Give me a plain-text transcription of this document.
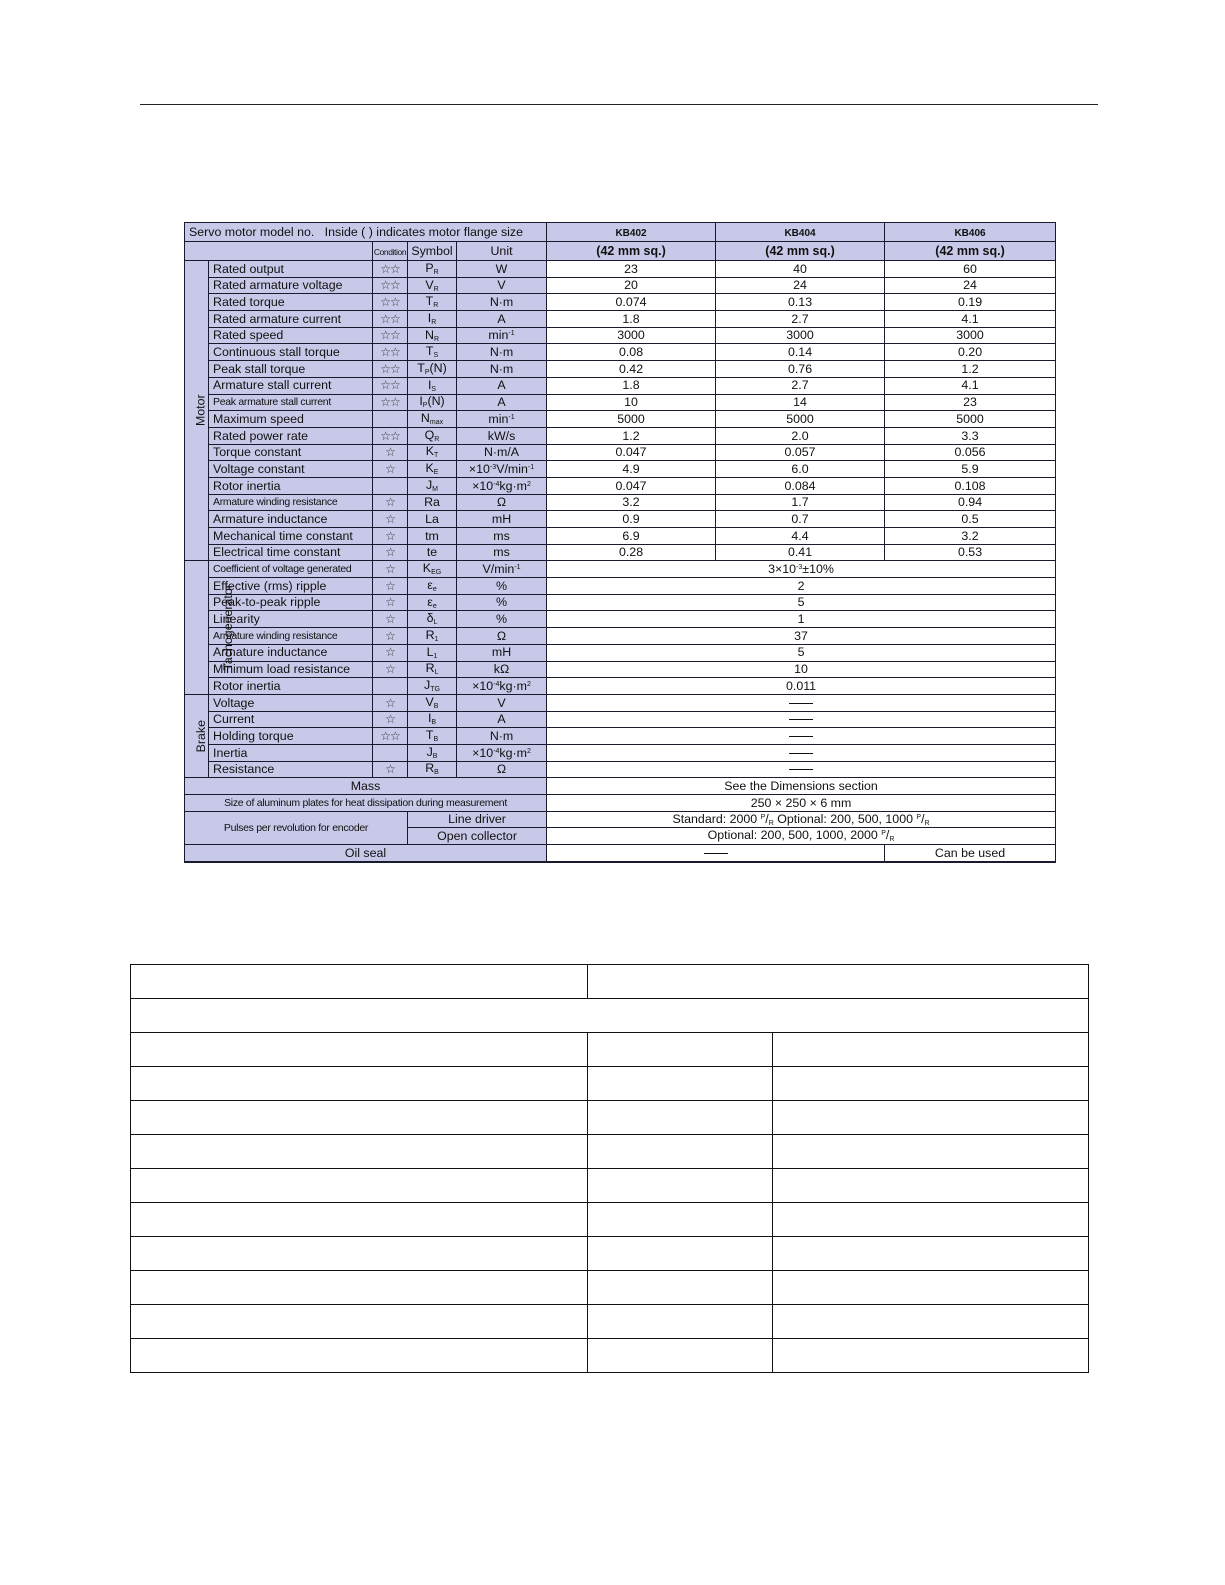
Servo motor model no.   Inside ( ) indicates motor flange size					KB402	KB404	KB406
		Condition	Symbol	Unit	(42 mm sq.)	(42 mm sq.)	(42 mm sq.)
Motor	Rated output	☆☆	$P_R$	W	23	40	60
	Rated armature voltage	☆☆	$V_R$	V	20	24	24
	Rated torque	☆☆	$T_R$	N·m	0.074	0.13	0.19
	Rated armature current	☆☆	$I_R$	A	1.8	2.7	4.1
	Rated speed	☆☆	$N_R$	$\min^{-1}$	3000	3000	3000
	Continuous stall torque	☆☆	$T_S$	N·m	0.08	0.14	0.20
	Peak stall torque	☆☆	$T_P(N)$	N·m	0.42	0.76	1.2
	Armature stall current	☆☆	$I_S$	A	1.8	2.7	4.1
	Peak armature stall current	☆☆	$I_P(N)$	A	10	14	23
	Maximum speed		$N_{max}$	$\min^{-1}$	5000	5000	5000
	Rated power rate	☆☆	$Q_R$	kW/s	1.2	2.0	3.3
	Torque constant	☆	$K_T$	N·m/A	0.047	0.057	0.056
	Voltage constant	☆	$K_E$	$\times 10^{-3}V/\min^{-1}$	4.9	6.0	5.9
	Rotor inertia		$J_M$	$\times 10^{-4}kg\cdot m^2$	0.047	0.084	0.108
	Armature winding resistance	☆	Ra	Ω	3.2	1.7	0.94
	Armature inductance	☆	La	mH	0.9	0.7	0.5
	Mechanical time constant	☆	tm	ms	6.9	4.4	3.2
	Electrical time constant	☆	te	ms	0.28	0.41	0.53
Tachogenerator	Coefficient of voltage generated	☆	$K_{EG}$	$V/\min^{-1}$	$3\times 10^{-3}\pm 10\%$		
	Effective (rms) ripple	☆	$\varepsilon_e$	%	2		
	Peak-to-peak ripple	☆	$\varepsilon_e$	%	5		
	Linearity	☆	$\delta_L$	%	1		
	Armature winding resistance	☆	$R_1$	Ω	37		
	Armature inductance	☆	$L_1$	mH	5		
	Minimum load resistance	☆	$R_L$	kΩ	10		
	Rotor inertia		$J_{TG}$	$\times 10^{-4}kg\cdot m^2$	0.011		
Brake	Voltage	☆	$V_B$	V			
	Current	☆	$I_B$	A			
	Holding torque	☆☆	$T_B$	N·m			
	Inertia		$J_B$	$\times 10^{-4}kg\cdot m^2$	
	Resistance	☆	$R_B$	Ω			
Mass					See the Dimensions section		
Size of aluminum plates for heat dissipation during measurement					250 × 250 × 6 mm		
Pulses per revolution for encoder			Line driver		Standard: 2000 $^P/_R$ Optional: 200, 500, 1000 $^P/_R$
			Open collector		Optional: 200, 500, 1000, 2000 $^P/_R$
Oil seal							Can be used
